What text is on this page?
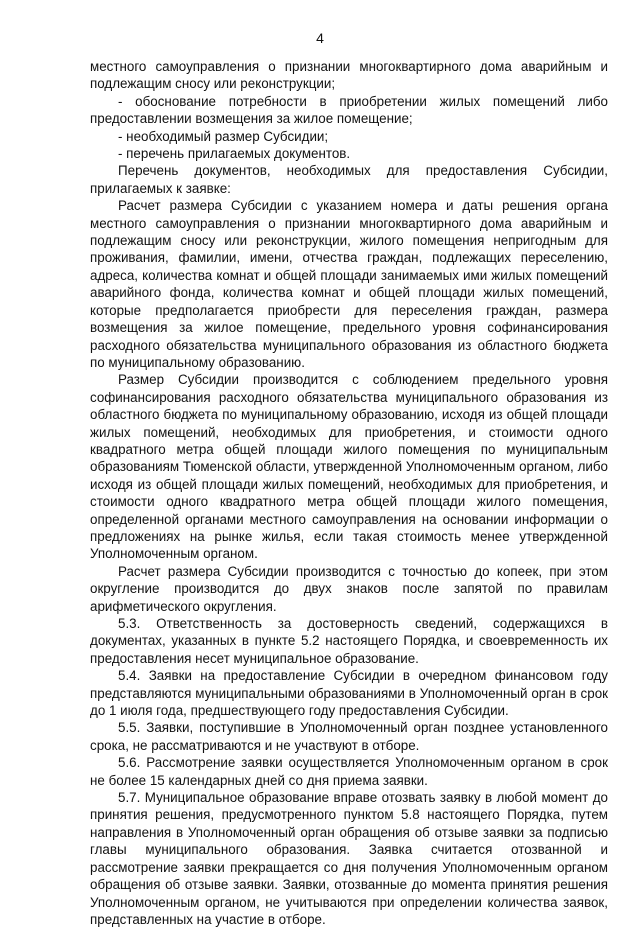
4

местного самоуправления о признании многоквартирного дома аварийным и подлежащим сносу или реконструкции;

- обоснование потребности в приобретении жилых помещений либо предоставлении возмещения за жилое помещение;

- необходимый размер Субсидии;

- перечень прилагаемых документов.

Перечень документов, необходимых для предоставления Субсидии, прилагаемых к заявке:

Расчет размера Субсидии с указанием номера и даты решения органа местного самоуправления о признании многоквартирного дома аварийным и подлежащим сносу или реконструкции, жилого помещения непригодным для проживания, фамилии, имени, отчества граждан, подлежащих переселению, адреса, количества комнат и общей площади занимаемых ими жилых помещений аварийного фонда, количества комнат и общей площади жилых помещений, которые предполагается приобрести для переселения граждан, размера возмещения за жилое помещение, предельного уровня софинансирования расходного обязательства муниципального образования из областного бюджета по муниципальному образованию.

Размер Субсидии производится с соблюдением предельного уровня софинансирования расходного обязательства муниципального образования из областного бюджета по муниципальному образованию, исходя из общей площади жилых помещений, необходимых для приобретения, и стоимости одного квадратного метра общей площади жилого помещения по муниципальным образованиям Тюменской области, утвержденной Уполномоченным органом, либо исходя из общей площади жилых помещений, необходимых для приобретения, и стоимости одного квадратного метра общей площади жилого помещения, определенной органами местного самоуправления на основании информации о предложениях на рынке жилья, если такая стоимость менее утвержденной Уполномоченным органом.

Расчет размера Субсидии производится с точностью до копеек, при этом округление производится до двух знаков после запятой по правилам арифметического округления.

5.3. Ответственность за достоверность сведений, содержащихся в документах, указанных в пункте 5.2 настоящего Порядка, и своевременность их предоставления несет муниципальное образование.

5.4. Заявки на предоставление Субсидии в очередном финансовом году представляются муниципальными образованиями в Уполномоченный орган в срок до 1 июля года, предшествующего году предоставления Субсидии.

5.5. Заявки, поступившие в Уполномоченный орган позднее установленного срока, не рассматриваются и не участвуют в отборе.

5.6. Рассмотрение заявки осуществляется Уполномоченным органом в срок не более 15 календарных дней со дня приема заявки.

5.7. Муниципальное образование вправе отозвать заявку в любой момент до принятия решения, предусмотренного пунктом 5.8 настоящего Порядка, путем направления в Уполномоченный орган обращения об отзыве заявки за подписью главы муниципального образования. Заявка считается отозванной и рассмотрение заявки прекращается со дня получения Уполномоченным органом обращения об отзыве заявки. Заявки, отозванные до момента принятия решения Уполномоченным органом, не учитываются при определении количества заявок, представленных на участие в отборе.
